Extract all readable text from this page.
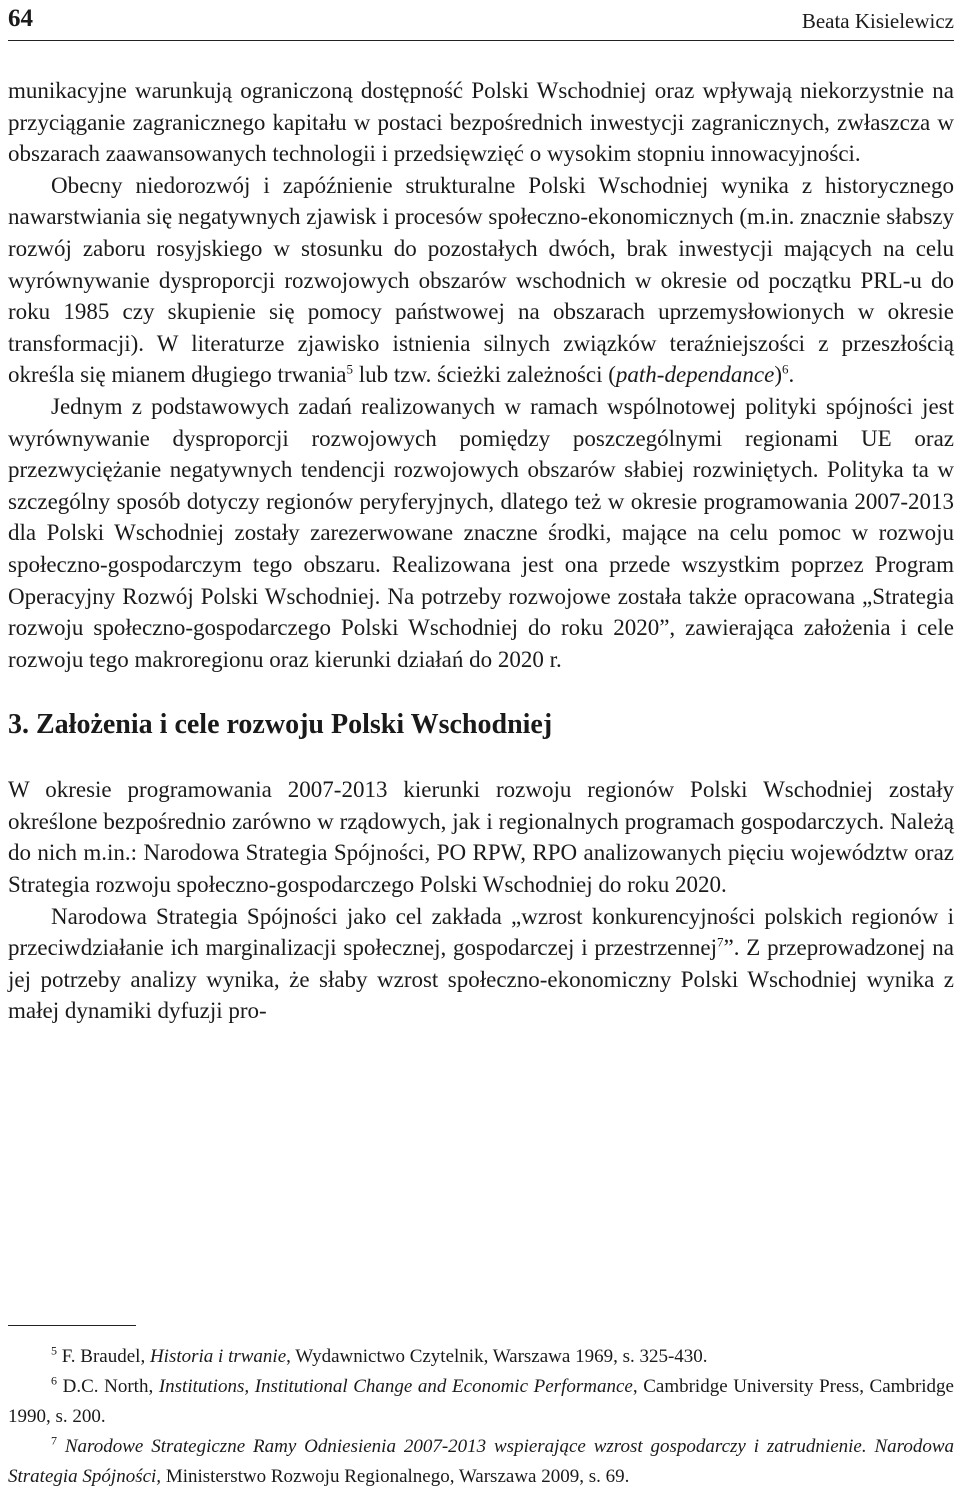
64	Beata Kisielewicz

munikacyjne warunkują ograniczoną dostępność Polski Wschodniej oraz wpływają niekorzystnie na przyciąganie zagranicznego kapitału w postaci bezpośrednich inwestycji zagranicznych, zwłaszcza w obszarach zaawansowanych technologii i przedsięwzięć o wysokim stopniu innowacyjności.

Obecny niedorozwój i zapóźnienie strukturalne Polski Wschodniej wynika z historycznego nawarstwiania się negatywnych zjawisk i procesów społeczno-ekonomicznych (m.in. znacznie słabszy rozwój zaboru rosyjskiego w stosunku do pozostałych dwóch, brak inwestycji mających na celu wyrównywanie dysproporcji rozwojowych obszarów wschodnich w okresie od początku PRL-u do roku 1985 czy skupienie się pomocy państwowej na obszarach uprzemysłowionych w okresie transformacji). W literaturze zjawisko istnienia silnych związków teraźniejszości z przeszłością określa się mianem długiego trwania$^5$ lub tzw. ścieżki zależności (path-dependance)$^6$.

Jednym z podstawowych zadań realizowanych w ramach wspólnotowej polityki spójności jest wyrównywanie dysproporcji rozwojowych pomiędzy poszczególnymi regionami UE oraz przezwyciężanie negatywnych tendencji rozwojowych obszarów słabiej rozwiniętych. Polityka ta w szczególny sposób dotyczy regionów peryferyjnych, dlatego też w okresie programowania 2007-2013 dla Polski Wschodniej zostały zarezerwowane znaczne środki, mające na celu pomoc w rozwoju społeczno-gospodarczym tego obszaru. Realizowana jest ona przede wszystkim poprzez Program Operacyjny Rozwój Polski Wschodniej. Na potrzeby rozwojowe została także opracowana „Strategia rozwoju społeczno-gospodarczego Polski Wschodniej do roku 2020”, zawierająca założenia i cele rozwoju tego makroregionu oraz kierunki działań do 2020 r.

3. Założenia i cele rozwoju Polski Wschodniej

W okresie programowania 2007-2013 kierunki rozwoju regionów Polski Wschodniej zostały określone bezpośrednio zarówno w rządowych, jak i regionalnych programach gospodarczych. Należą do nich m.in.: Narodowa Strategia Spójności, PO RPW, RPO analizowanych pięciu województw oraz Strategia rozwoju społeczno-gospodarczego Polski Wschodniej do roku 2020.

Narodowa Strategia Spójności jako cel zakłada „wzrost konkurencyjności polskich regionów i przeciwdziałanie ich marginalizacji społecznej, gospodarczej i przestrzennej$^7$”. Z przeprowadzonej na jej potrzeby analizy wynika, że słaby wzrost społeczno-ekonomiczny Polski Wschodniej wynika z małej dynamiki dyfuzji pro-

$^5$ F. Braudel, Historia i trwanie, Wydawnictwo Czytelnik, Warszawa 1969, s. 325-430.

$^6$ D.C. North, Institutions, Institutional Change and Economic Performance, Cambridge University Press, Cambridge 1990, s. 200.

$^7$ Narodowe Strategiczne Ramy Odniesienia 2007-2013 wspierające wzrost gospodarczy i zatrudnienie. Narodowa Strategia Spójności, Ministerstwo Rozwoju Regionalnego, Warszawa 2009, s. 69.
